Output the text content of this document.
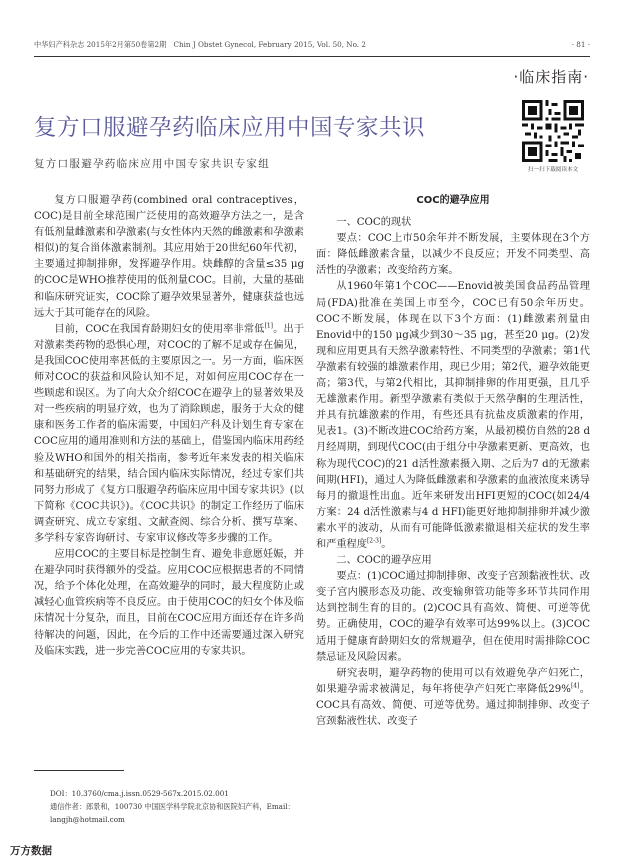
中华妇产科杂志 2015年2月第50卷第2期　Chin J Obstet Gynecol, February 2015, Vol. 50, No. 2	· 81 ·
·临床指南·
复方口服避孕药临床应用中国专家共识
复方口服避孕药临床应用中国专家共识专家组	扫一扫下载阅读本文

复方口服避孕药(combined oral contraceptives，COC)是目前全球范围广泛使用的高效避孕方法之一，是含有低剂量雌激素和孕激素(与女性体内天然的雌激素和孕激素相似)的复合甾体激素制剂。其应用始于20世纪60年代初，主要通过抑制排卵，发挥避孕作用。炔雌醇的含量≤35 μg的COC是WHO推荐使用的低剂量COC。目前，大量的基础和临床研究证实，COC除了避孕效果显著外，健康获益也远远大于其可能存在的风险。

目前，COC在我国育龄期妇女的使用率非常低[1]。出于对激素类药物的恐惧心理，对COC的了解不足或存在偏见，是我国COC使用率甚低的主要原因之一。另一方面，临床医师对COC的获益和风险认知不足，对如何应用COC存在一些顾虑和误区。为了向大众介绍COC在避孕上的显著效果及对一些疾病的明显疗效，也为了消除顾虑，服务于大众的健康和医务工作者的临床需要，中国妇产科及计划生育专家在COC应用的通用准则和方法的基础上，借鉴国内临床用药经验及WHO和国外的相关指南，参考近年来发表的相关临床和基础研究的结果，结合国内临床实际情况，经过专家们共同努力形成了《复方口服避孕药临床应用中国专家共识》(以下简称《COC共识》)。《COC共识》的制定工作经历了临床调查研究、成立专家组、文献查阅、综合分析、撰写草案、多学科专家咨询研讨、专家审议修改等多步骤的工作。

应用COC的主要目标是控制生育、避免非意愿妊娠，并在避孕同时获得额外的受益。应用COC应根据患者的不同情况，给予个体化处理，在高效避孕的同时，最大程度防止或减轻心血管疾病等不良反应。由于使用COC的妇女个体及临床情况十分复杂，而且，目前在COC应用方面还存在许多尚待解决的问题，因此，在今后的工作中还需要通过深入研究及临床实践，进一步完善COC应用的专家共识。

DOI：10.3760/cma.j.issn.0529-567x.2015.02.001
通信作者：郎景和，100730 中国医学科学院北京协和医院妇产科，Email：langjh@hotmail.com

COC的避孕应用

一、COC的现状

要点：COC上市50余年并不断发展，主要体现在3个方面：降低雌激素含量，以减少不良反应；开发不同类型、高活性的孕激素；改变给药方案。

从1960年第1个COC——Enovid被美国食品药品管理局(FDA)批准在美国上市至今，COC已有50余年历史。COC不断发展，体现在以下3个方面：(1)雌激素剂量由Enovid中的150 μg减少到30～35 μg，甚至20 μg。(2)发现和应用更具有天然孕激素特性、不同类型的孕激素；第1代孕激素有较强的雄激素作用，现已少用；第2代，避孕效能更高；第3代，与第2代相比，其抑制排卵的作用更强，且几乎无雄激素作用。新型孕激素有类似于天然孕酮的生理活性，并具有抗雄激素的作用，有些还具有抗盐皮质激素的作用，见表1。(3)不断改进COC给药方案，从最初模仿自然的28 d月经周期，到现代COC(由于组分中孕激素更新、更高效，也称为现代COC)的21 d活性激素摄入期、之后为7 d的无激素间期(HFI)，通过人为降低雌激素和孕激素的血液浓度来诱导每月的撤退性出血。近年来研发出HFI更短的COC(如24/4方案：24 d活性激素与4 d HFI)能更好地抑制排卵并减少激素水平的波动，从而有可能降低激素撤退相关症状的发生率和严重程度[2-3]。

二、COC的避孕应用

要点：(1)COC通过抑制排卵、改变子宫颈黏液性状、改变子宫内膜形态及功能、改变输卵管功能等多环节共同作用达到控制生育的目的。(2)COC具有高效、简便、可逆等优势。正确使用，COC的避孕有效率可达99%以上。(3)COC适用于健康育龄期妇女的常规避孕，但在使用时需排除COC禁忌证及风险因素。

研究表明，避孕药物的使用可以有效避免孕产妇死亡，如果避孕需求被满足，每年将使孕产妇死亡率降低29%[4]。COC具有高效、简便、可逆等优势。通过抑制排卵、改变子宫颈黏液性状、改变子

万方数据
